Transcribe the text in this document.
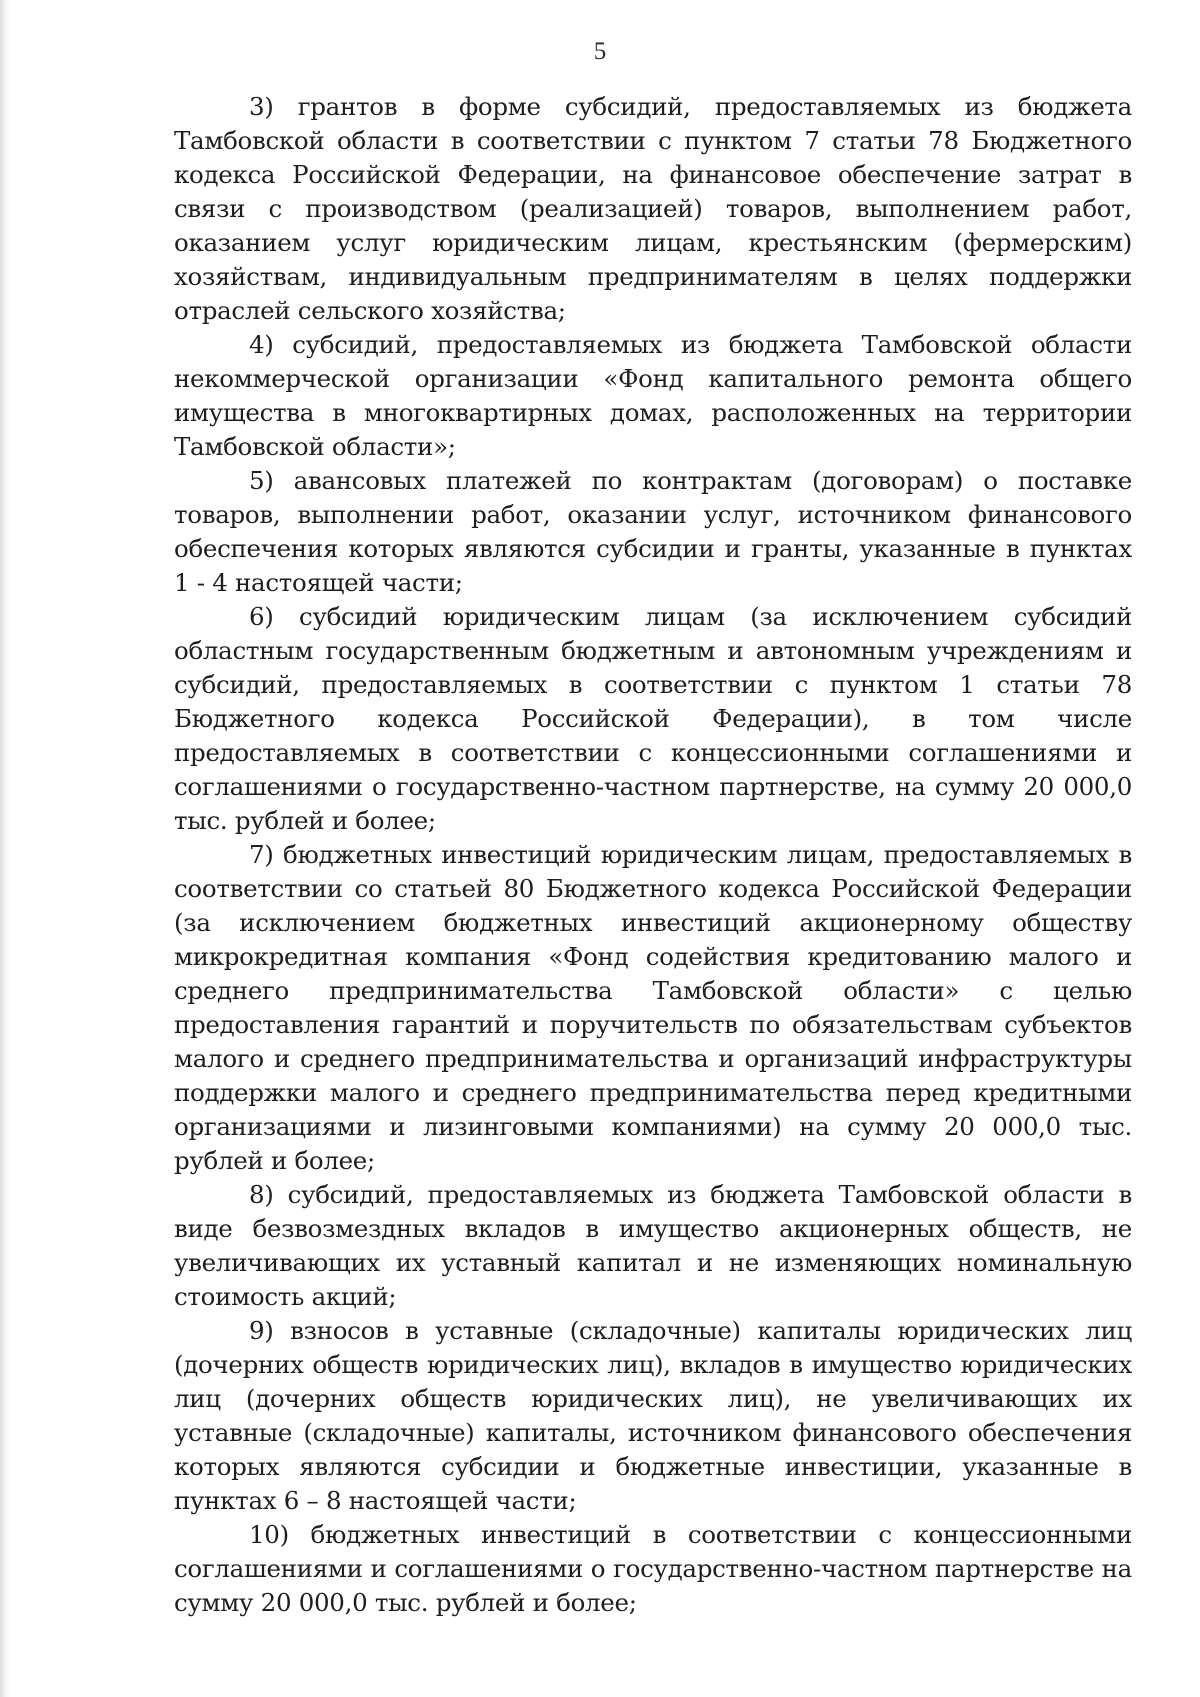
5

3) грантов в форме субсидий, предоставляемых из бюджета Тамбовской области в соответствии с пунктом 7 статьи 78 Бюджетного кодекса Российской Федерации, на финансовое обеспечение затрат в связи с производством (реализацией) товаров, выполнением работ, оказанием услуг юридическим лицам, крестьянским (фермерским) хозяйствам, индивидуальным предпринимателям в целях поддержки отраслей сельского хозяйства;

4) субсидий, предоставляемых из бюджета Тамбовской области некоммерческой организации «Фонд капитального ремонта общего имущества в многоквартирных домах, расположенных на территории Тамбовской области»;

5) авансовых платежей по контрактам (договорам) о поставке товаров, выполнении работ, оказании услуг, источником финансового обеспечения которых являются субсидии и гранты, указанные в пунктах 1 - 4 настоящей части;

6) субсидий юридическим лицам (за исключением субсидий областным государственным бюджетным и автономным учреждениям и субсидий, предоставляемых в соответствии с пунктом 1 статьи 78 Бюджетного кодекса Российской Федерации), в том числе предоставляемых в соответствии с концессионными соглашениями и соглашениями о государственно-частном партнерстве, на сумму 20 000,0 тыс. рублей и более;

7) бюджетных инвестиций юридическим лицам, предоставляемых в соответствии со статьей 80 Бюджетного кодекса Российской Федерации (за исключением бюджетных инвестиций акционерному обществу микрокредитная компания «Фонд содействия кредитованию малого и среднего предпринимательства Тамбовской области» с целью предоставления гарантий и поручительств по обязательствам субъектов малого и среднего предпринимательства и организаций инфраструктуры поддержки малого и среднего предпринимательства перед кредитными организациями и лизинговыми компаниями) на сумму 20 000,0 тыс. рублей и более;

8) субсидий, предоставляемых из бюджета Тамбовской области в виде безвозмездных вкладов в имущество акционерных обществ, не увеличивающих их уставный капитал и не изменяющих номинальную стоимость акций;

9) взносов в уставные (складочные) капиталы юридических лиц (дочерних обществ юридических лиц), вкладов в имущество юридических лиц (дочерних обществ юридических лиц), не увеличивающих их уставные (складочные) капиталы, источником финансового обеспечения которых являются субсидии и бюджетные инвестиции, указанные в пунктах 6 – 8 настоящей части;

10) бюджетных инвестиций в соответствии с концессионными соглашениями и соглашениями о государственно-частном партнерстве на сумму 20 000,0 тыс. рублей и более;
